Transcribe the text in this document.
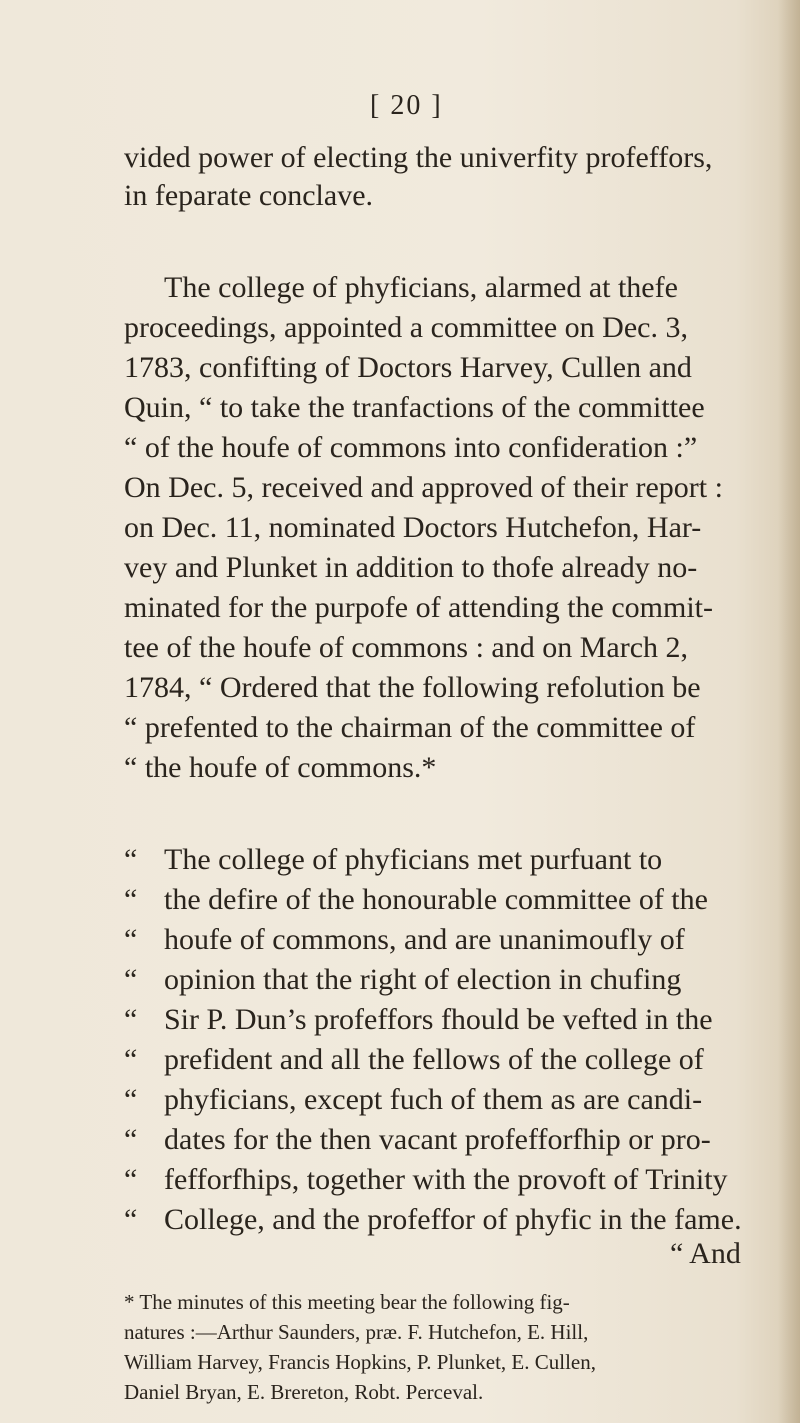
[ 20 ]
vided power of electing the univerfity profeffors,
in feparate conclave.
The college of phyficians, alarmed at thefe
proceedings, appointed a committee on Dec. 3,
1783, confifting of Doctors Harvey, Cullen and
Quin, “ to take the tranfactions of the committee
“ of the houfe of commons into confideration :”
On Dec. 5, received and approved of their report :
on Dec. 11, nominated Doctors Hutchefon, Har-
vey and Plunket in addition to thofe already no-
minated for the purpofe of attending the commit-
tee of the houfe of commons : and on March 2,
1784, “ Ordered that the following refolution be
“ prefented to the chairman of the committee of
“ the houfe of commons.*
“ The college of phyficians met purfuant to
“ the defire of the honourable committee of the
“ houfe of commons, and are unanimoufly of
“ opinion that the right of election in chufing
“ Sir P. Dun’s profeffors fhould be vefted in the
“ prefident and all the fellows of the college of
“ phyficians, except fuch of them as are candi-
“ dates for the then vacant profefforfhip or pro-
“ fefforfhips, together with the provoft of Trinity
“ College, and the profeffor of phyfic in the fame.
“ And
* The minutes of this meeting bear the following fig-
natures :—Arthur Saunders, præ. F. Hutchefon, E. Hill,
William Harvey, Francis Hopkins, P. Plunket, E. Cullen,
Daniel Bryan, E. Brereton, Robt. Perceval.
